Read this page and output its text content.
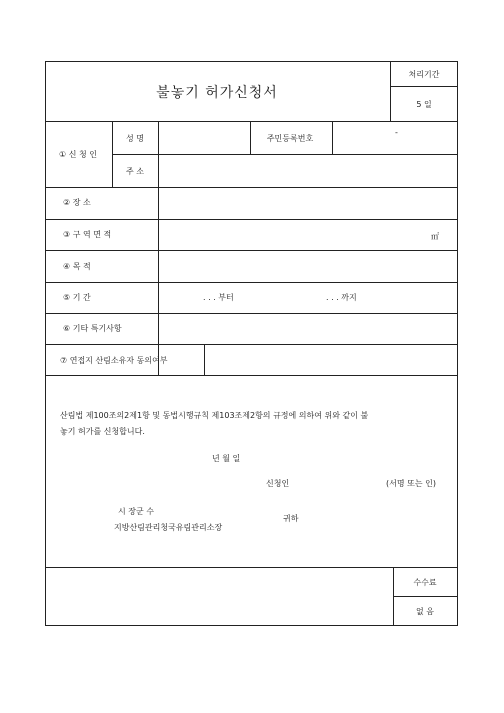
불놓기 허가신청서
처리기간
5 일
① 신 청 인
성 명	주민등록번호
-
주 소
② 장 소
③ 구 역 면 적	㎡
④ 목 적
⑤ 기 간	. . . 부터	. . . 까지
⑥ 기타 특기사항
⑦ 연접지 산림소유자 동의여부
산림법 제100조의2제1항 및 동법시행규칙 제103조제2항의 규정에 의하여 위와 같이 불
놓기 허가를 신청합니다.
년 월 일
신청인	(서명 또는 인)
시 장군 수
지방산림관리청국유림관리소장
귀하
수수료
없 음
